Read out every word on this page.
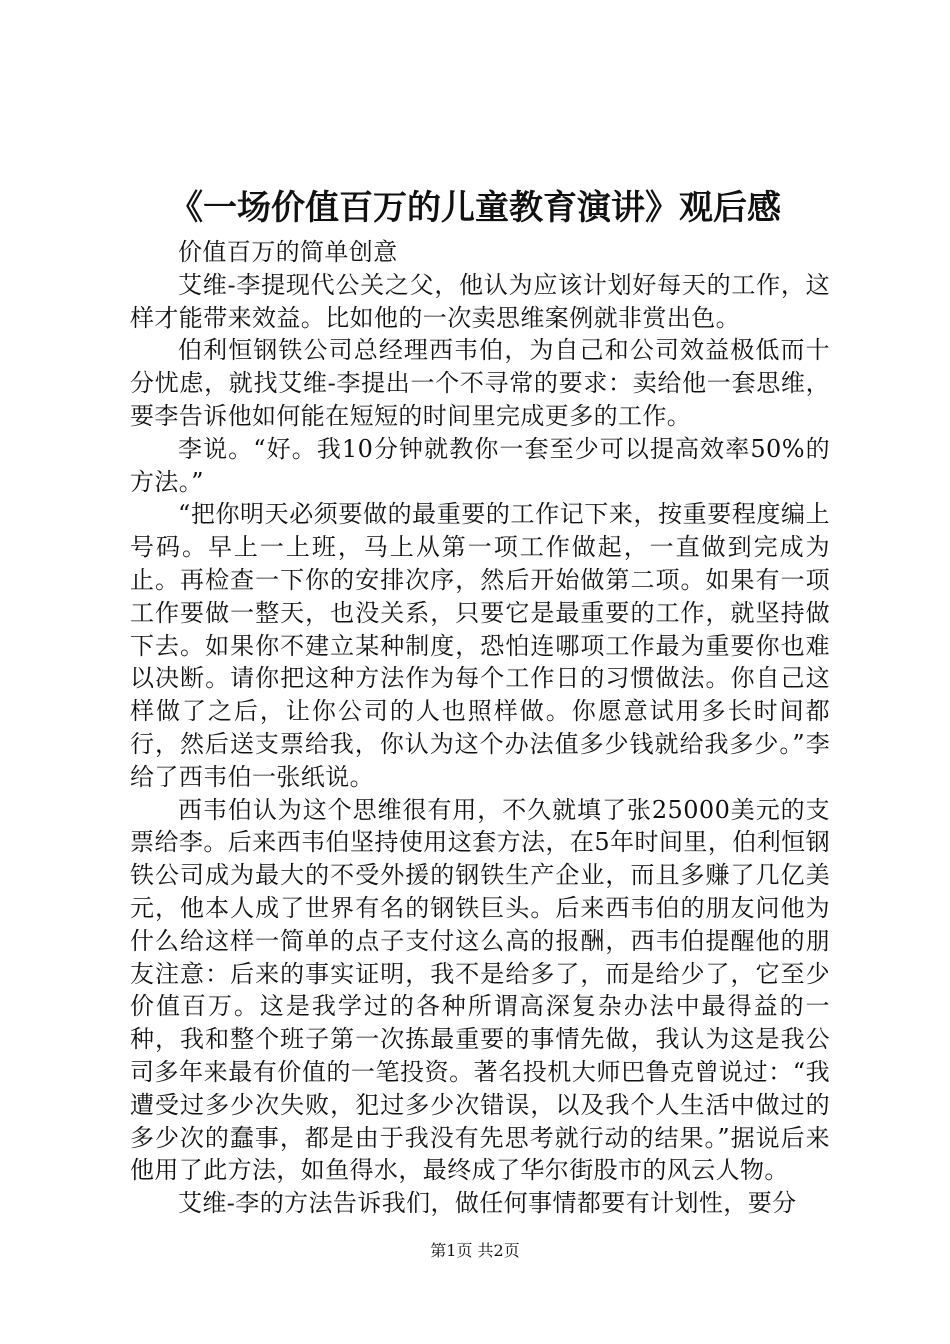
《一场价值百万的儿童教育演讲》观后感

价值百万的简单创意

艾维-李提现代公关之父，他认为应该计划好每天的工作，这样才能带来效益。比如他的一次卖思维案例就非赏出色。

伯利恒钢铁公司总经理西韦伯，为自己和公司效益极低而十分忧虑，就找艾维-李提出一个不寻常的要求：卖给他一套思维，要李告诉他如何能在短短的时间里完成更多的工作。

李说。“好。我10分钟就教你一套至少可以提高效率50%的方法。”

“把你明天必须要做的最重要的工作记下来，按重要程度编上号码。早上一上班，马上从第一项工作做起，一直做到完成为止。再检查一下你的安排次序，然后开始做第二项。如果有一项工作要做一整天，也没关系，只要它是最重要的工作，就坚持做下去。如果你不建立某种制度，恐怕连哪项工作最为重要你也难以决断。请你把这种方法作为每个工作日的习惯做法。你自己这样做了之后，让你公司的人也照样做。你愿意试用多长时间都行，然后送支票给我，你认为这个办法值多少钱就给我多少。”李给了西韦伯一张纸说。

西韦伯认为这个思维很有用，不久就填了张25000美元的支票给李。后来西韦伯坚持使用这套方法，在5年时间里，伯利恒钢铁公司成为最大的不受外援的钢铁生产企业，而且多赚了几亿美元，他本人成了世界有名的钢铁巨头。后来西韦伯的朋友问他为什么给这样一简单的点子支付这么高的报酬，西韦伯提醒他的朋友注意：后来的事实证明，我不是给多了，而是给少了，它至少价值百万。这是我学过的各种所谓高深复杂办法中最得益的一种，我和整个班子第一次拣最重要的事情先做，我认为这是我公司多年来最有价值的一笔投资。著名投机大师巴鲁克曾说过：“我遭受过多少次失败，犯过多少次错误，以及我个人生活中做过的多少次的蠢事，都是由于我没有先思考就行动的结果。”据说后来他用了此方法，如鱼得水，最终成了华尔街股市的风云人物。

艾维-李的方法告诉我们，做任何事情都要有计划性，要分

第1页 共2页
